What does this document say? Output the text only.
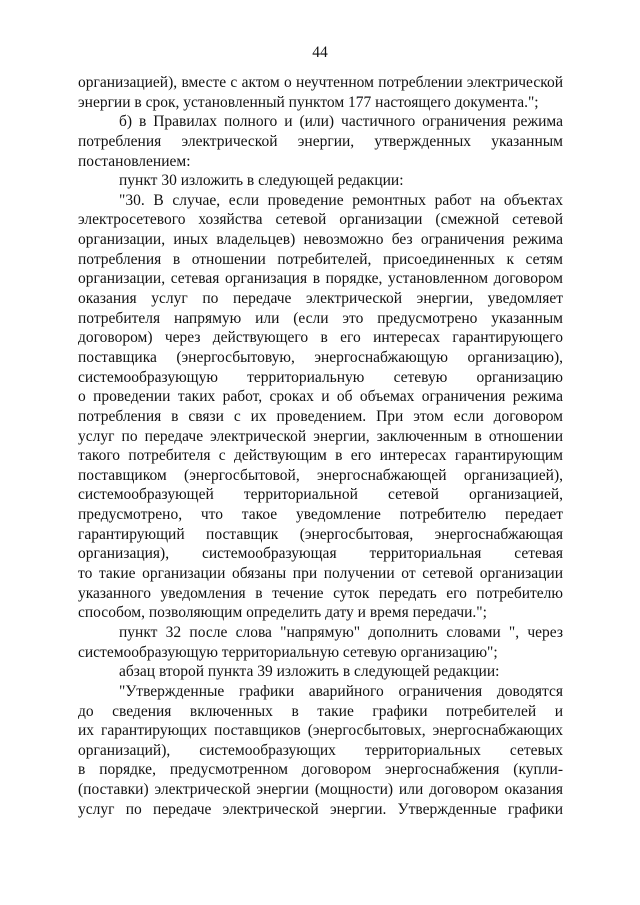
44
организацией), вместе с актом о неучтенном потреблении электрической
энергии в срок, установленный пунктом 177 настоящего документа.";
б) в Правилах полного и (или) частичного ограничения режима
потребления электрической энергии, утвержденных указанным
постановлением:
пункт 30 изложить в следующей редакции:
"30. В случае, если проведение ремонтных работ на объектах
электросетевого хозяйства сетевой организации (смежной сетевой
организации, иных владельцев) невозможно без ограничения режима
потребления в отношении потребителей, присоединенных к сетям
организации, сетевая организация в порядке, установленном договором
оказания услуг по передаче электрической энергии, уведомляет
потребителя напрямую или (если это предусмотрено указанным
договором) через действующего в его интересах гарантирующего
поставщика (энергосбытовую, энергоснабжающую организацию),
системообразующую территориальную сетевую организацию
о проведении таких работ, сроках и об объемах ограничения режима
потребления в связи с их проведением. При этом если договором
услуг по передаче электрической энергии, заключенным в отношении
такого потребителя с действующим в его интересах гарантирующим
поставщиком (энергосбытовой, энергоснабжающей организацией),
системообразующей территориальной сетевой организацией,
предусмотрено, что такое уведомление потребителю передает
гарантирующий поставщик (энергосбытовая, энергоснабжающая
организация), системообразующая территориальная сетевая
то такие организации обязаны при получении от сетевой организации
указанного уведомления в течение суток передать его потребителю
способом, позволяющим определить дату и время передачи.";
пункт 32 после слова "напрямую" дополнить словами ", через
системообразующую территориальную сетевую организацию";
абзац второй пункта 39 изложить в следующей редакции:
"Утвержденные графики аварийного ограничения доводятся
до сведения включенных в такие графики потребителей и
их гарантирующих поставщиков (энергосбытовых, энергоснабжающих
организаций), системообразующих территориальных сетевых
в порядке, предусмотренном договором энергоснабжения (купли-
(поставки) электрической энергии (мощности) или договором оказания
услуг по передаче электрической энергии. Утвержденные графики
